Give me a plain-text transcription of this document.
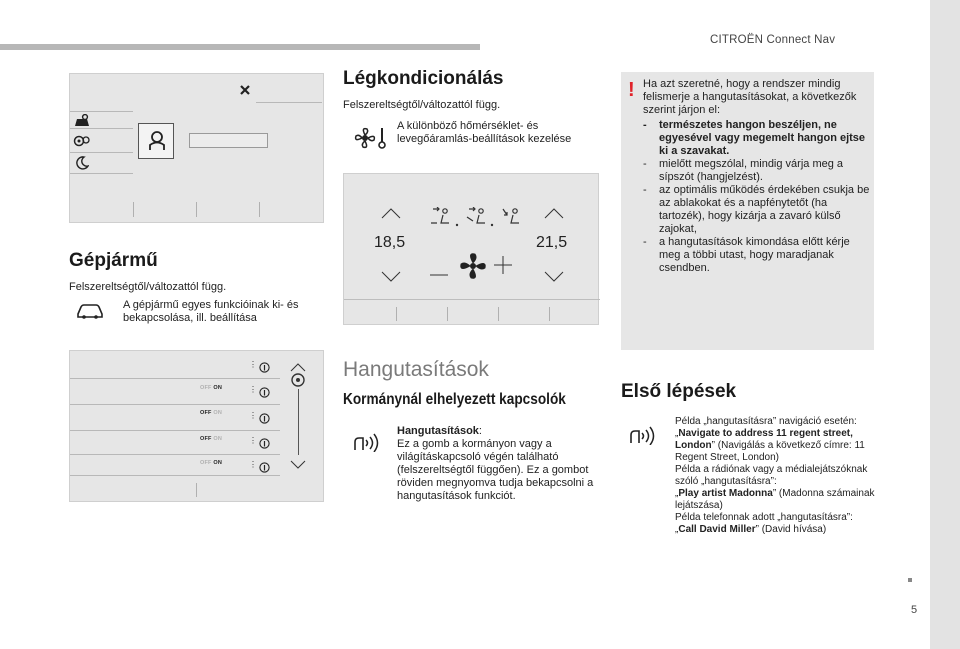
CITROËN Connect Nav
Gépjármű
Felszereltségtől/változattól függ.
A gépjármű egyes funkcióinak ki- és bekapcsolása, ill. beállítása
⋮
OFF ON	⋮
OFF ON	⋮
OFF ON	⋮
OFF ON	⋮
Légkondicionálás
Felszereltségtől/változattól függ.
A különböző hőmérséklet- és levegőáramlás-beállítások kezelése
18,5	21,5
Hangutasítások
Kormánynál elhelyezett kapcsolók
Hangutasítások:
Ez a gomb a kormányon vagy a világításkapcsoló végén található (felszereltségtől függően). Ez a gombot röviden megnyomva tudja bekapcsolni a hangutasítások funkciót.
! Ha azt szeretné, hogy a rendszer mindig felismerje a hangutasításokat, a következők szerint járjon el:
- természetes hangon beszéljen, ne egyesével vagy megemelt hangon ejtse ki a szavakat.
- mielőtt megszólal, mindig várja meg a sípszót (hangjelzést).
- az optimális működés érdekében csukja be az ablakokat és a napfénytetőt (ha tartozék), hogy kizárja a zavaró külső zajokat,
- a hangutasítások kimondása előtt kérje meg a többi utast, hogy maradjanak csendben.
Első lépések
Példa „hangutasításra” navigáció esetén:
„Navigate to address 11 regent street, London” (Navigálás a következő címre: 11 Regent Street, London)
Példa a rádiónak vagy a médialejátszóknak szóló „hangutasításra”:
„Play artist Madonna” (Madonna számainak lejátszása)
Példa telefonnak adott „hangutasításra”:
„Call David Miller” (David hívása)
5
